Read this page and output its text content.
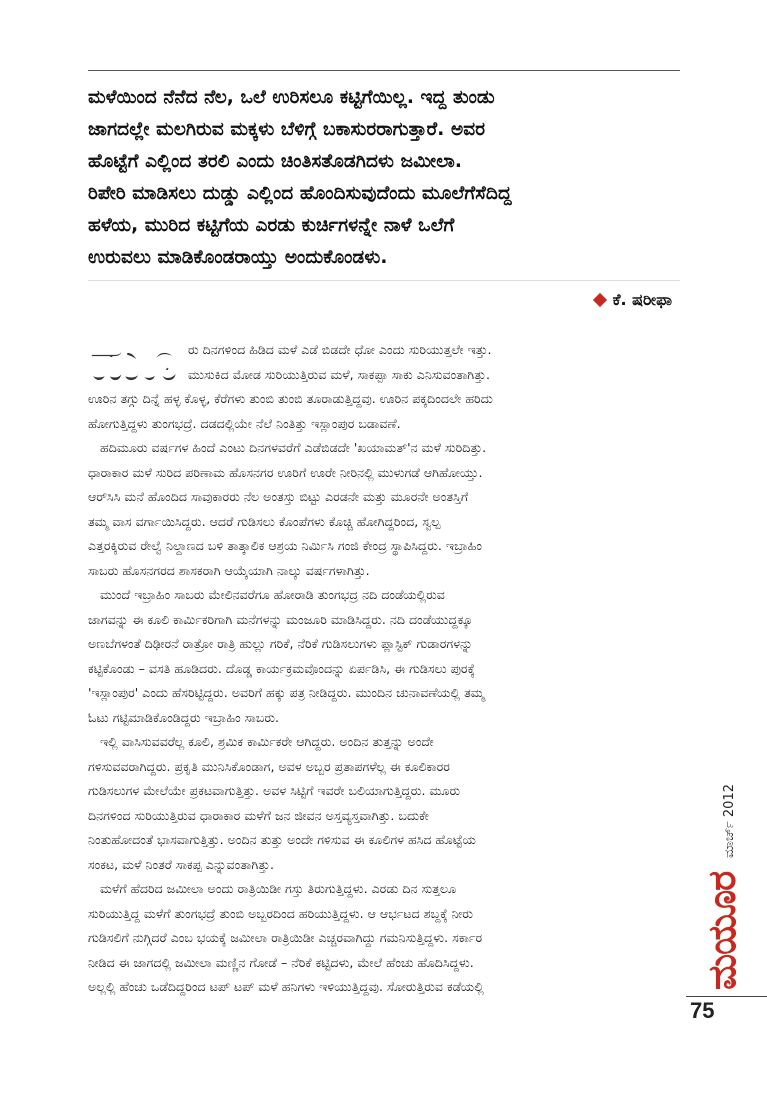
ಮಳೆಯಿಂದ ನೆನೆದ ನೆಲ, ಒಲೆ ಉರಿಸಲೂ ಕಟ್ಟಿಗೆಯಿಲ್ಲ. ಇದ್ದ ತುಂಡು
ಜಾಗದಲ್ಲೇ ಮಲಗಿರುವ ಮಕ್ಕಳು ಬೆಳಿಗ್ಗೆ ಬಕಾಸುರರಾಗುತ್ತಾರೆ. ಅವರ
ಹೊಟ್ಟೆಗೆ ಎಲ್ಲಿಂದ ತರಲಿ ಎಂದು ಚಿಂತಿಸತೊಡಗಿದಳು ಜಮೀಲಾ.
ರಿಪೇರಿ ಮಾಡಿಸಲು ದುಡ್ಡು ಎಲ್ಲಿಂದ ಹೊಂದಿಸುವುದೆಂದು ಮೂಲೆಗೆಸೆದಿದ್ದ
ಹಳೆಯ, ಮುರಿದ ಕಟ್ಟಿಗೆಯ ಎರಡು ಕುರ್ಚಿಗಳನ್ನೇ ನಾಳೆ ಒಲೆಗೆ
ಉರುವಲು ಮಾಡಿಕೊಂಡರಾಯ್ತು ಅಂದುಕೊಂಡಳು.
ಕೆ. ಷರೀಫಾ
ಮೂ ರು ದಿನಗಳಿಂದ ಹಿಡಿದ ಮಳೆ ಎಡೆ ಬಿಡದೇ ಧೋ ಎಂದು ಸುರಿಯುತ್ತಲೇ ಇತ್ತು.
ಮುಸುಕಿದ ಮೋಡ ಸುರಿಯುತ್ತಿರುವ ಮಳೆ, ಸಾಕಪ್ಪಾ ಸಾಕು ಎನಿಸುವಂತಾಗಿತ್ತು.
ಊರಿನ ತಗ್ಗು ದಿನ್ನೆ ಹಳ್ಳ ಕೊಳ್ಳ, ಕೆರೆಗಳು ತುಂಬಿ ತುಂಬಿ ತೂರಾಡುತ್ತಿದ್ದವು. ಊರಿನ ಪಕ್ಕದಿಂದಲೇ ಹರಿದು
ಹೋಗುತ್ತಿದ್ದಳು ತುಂಗಭದ್ರೆ. ದಡದಲ್ಲಿಯೇ ನೆಲೆ ನಿಂತಿತ್ತು ಇಸ್ಲಾಂಪುರ ಬಡಾವಣೆ.
ಹದಿಮೂರು ವರ್ಷಗಳ ಹಿಂದೆ ಎಂಟು ದಿನಗಳವರೆಗೆ ಎಡೆಬಿಡದೇ 'ಖಯಾಮತ್'ನ ಮಳೆ ಸುರಿದಿತ್ತು.
ಧಾರಾಕಾರ ಮಳೆ ಸುರಿದ ಪರಿಣಾಮ ಹೊಸನಗರ ಊರಿಗೆ ಊರೇ ನೀರಿನಲ್ಲಿ ಮುಳುಗಡೆ ಆಗಿಹೋಯ್ತು.
ಆರ್‌ಸಿಸಿ ಮನೆ ಹೊಂದಿದ ಸಾವುಕಾರರು ನೆಲ ಅಂತಸ್ತು ಬಿಟ್ಟು ಎರಡನೇ ಮತ್ತು ಮೂರನೇ ಅಂತಸ್ತಿಗೆ
ತಮ್ಮ ವಾಸ ವರ್ಗಾಯಿಸಿದ್ದರು. ಆದರೆ ಗುಡಿಸಲು ಕೊಂಪೆಗಳು ಕೊಚ್ಚಿ ಹೋಗಿದ್ದರಿಂದ, ಸ್ವಲ್ಪ
ಎತ್ತರಕ್ಕಿರುವ ರೇಲ್ವೆ ನಿಲ್ದಾಣದ ಬಳಿ ತಾತ್ಕಾಲಿಕ ಆಶ್ರಯ ನಿರ್ಮಿಸಿ ಗಂಜಿ ಕೇಂದ್ರ ಸ್ಥಾಪಿಸಿದ್ದರು. ಇಬ್ರಾಹಿಂ
ಸಾಬರು ಹೊಸನಗರದ ಶಾಸಕರಾಗಿ ಆಯ್ಕೆಯಾಗಿ ನಾಲ್ಕು ವರ್ಷಗಳಾಗಿತ್ತು.
ಮುಂದೆ ಇಬ್ರಾಹಿಂ ಸಾಬರು ಮೇಲಿನವರೆಗೂ ಹೋರಾಡಿ ತುಂಗಭದ್ರ ನದಿ ದಂಡೆಯಲ್ಲಿರುವ
ಜಾಗವನ್ನು ಈ ಕೂಲಿ ಕಾರ್ಮಿಕರಿಗಾಗಿ ಮನೆಗಳನ್ನು ಮಂಜೂರಿ ಮಾಡಿಸಿದ್ದರು. ನದಿ ದಂಡೆಯುದ್ದಕ್ಕೂ
ಅಣಬೆಗಳಂತೆ ದಿಢೀರನೆ ರಾತ್ರೋ ರಾತ್ರಿ ಹುಲ್ಲು ಗರಿಕೆ, ನೆರಿಕೆ ಗುಡಿಸಲುಗಳು ಪ್ಲಾಸ್ಟಿಕ್ ಗುಡಾರಗಳನ್ನು
ಕಟ್ಟಿಕೊಂಡು – ವಸತಿ ಹೂಡಿದರು. ದೊಡ್ಡ ಕಾರ್ಯಕ್ರಮವೊಂದನ್ನು ಏರ್ಪಡಿಸಿ, ಈ ಗುಡಿಸಲು ಪುರಕ್ಕೆ
'ಇಸ್ಲಾಂಪುರ' ಎಂದು ಹೆಸರಿಟ್ಟಿದ್ದರು. ಅವರಿಗೆ ಹಕ್ಕು ಪತ್ರ ನೀಡಿದ್ದರು. ಮುಂದಿನ ಚುನಾವಣೆಯಲ್ಲಿ ತಮ್ಮ
ಓಟು ಗಟ್ಟಿಮಾಡಿಕೊಂಡಿದ್ದರು ಇಬ್ರಾಹಿಂ ಸಾಬರು.
ಇಲ್ಲಿ ವಾಸಿಸುವವರೆಲ್ಲ ಕೂಲಿ, ಶ್ರಮಿಕ ಕಾರ್ಮಿಕರೇ ಆಗಿದ್ದರು. ಅಂದಿನ ತುತ್ತನ್ನು ಅಂದೇ
ಗಳಿಸುವವರಾಗಿದ್ದರು. ಪ್ರಕೃತಿ ಮುನಿಸಿಕೊಂಡಾಗ, ಅವಳ ಅಬ್ಬರ ಪ್ರತಾಪಗಳೆಲ್ಲ ಈ ಕೂಲಿಕಾರರ
ಗುಡಿಸಲುಗಳ ಮೇಲೆಯೇ ಪ್ರಕಟವಾಗುತ್ತಿತ್ತು. ಅವಳ ಸಿಟ್ಟಿಗೆ ಇವರೇ ಬಲಿಯಾಗುತ್ತಿದ್ದರು. ಮೂರು
ದಿನಗಳಿಂದ ಸುರಿಯುತ್ತಿರುವ ಧಾರಾಕಾರ ಮಳೆಗೆ ಜನ ಜೀವನ ಅಸ್ತವ್ಯಸ್ತವಾಗಿತ್ತು. ಬದುಕೇ
ನಿಂತುಹೋದಂತೆ ಭಾಸವಾಗುತ್ತಿತ್ತು. ಅಂದಿನ ತುತ್ತು ಅಂದೇ ಗಳಿಸುವ ಈ ಕೂಲಿಗಳ ಹಸಿದ ಹೊಟ್ಟೆಯ
ಸಂಕಟ, ಮಳೆ ನಿಂತರೆ ಸಾಕಪ್ಪ ಎನ್ನುವಂತಾಗಿತ್ತು.
ಮಳೆಗೆ ಹೆದರಿದ ಜಮೀಲಾ ಅಂದು ರಾತ್ರಿಯಿಡೀ ಗಸ್ತು ತಿರುಗುತ್ತಿದ್ದಳು. ಎರಡು ದಿನ ಸುತ್ತಲೂ
ಸುರಿಯುತ್ತಿದ್ದ ಮಳೆಗೆ ತುಂಗಭದ್ರೆ ತುಂಬಿ ಅಬ್ಬರದಿಂದ ಹರಿಯುತ್ತಿದ್ದಳು. ಆ ಆರ್ಭಟದ ಶಬ್ದಕ್ಕೆ ನೀರು
ಗುಡಿಸಲಿಗೆ ನುಗ್ಗಿದರೆ ಎಂಬ ಭಯಕ್ಕೆ ಜಮೀಲಾ ರಾತ್ರಿಯಿಡೀ ಎಚ್ಚರವಾಗಿದ್ದು ಗಮನಿಸುತ್ತಿದ್ದಳು. ಸರ್ಕಾರ
ನೀಡಿದ ಈ ಜಾಗದಲ್ಲಿ ಜಮೀಲಾ ಮಣ್ಣಿನ ಗೋಡೆ – ನೆರಿಕೆ ಕಟ್ಟಿದಳು, ಮೇಲೆ ಹೆಂಚು ಹೊದಿಸಿದ್ದಳು.
ಅಲ್ಲಲ್ಲಿ ಹೆಂಚು ಒಡೆದಿದ್ದರಿಂದ ಟಪ್ ಟಪ್ ಮಳೆ ಹನಿಗಳು ಇಳಿಯುತ್ತಿದ್ದವು. ಸೋರುತ್ತಿರುವ ಕಡೆಯಲ್ಲಿ	ಮಯೂರ
ಮಾರ್ಚ್ 2012
75
